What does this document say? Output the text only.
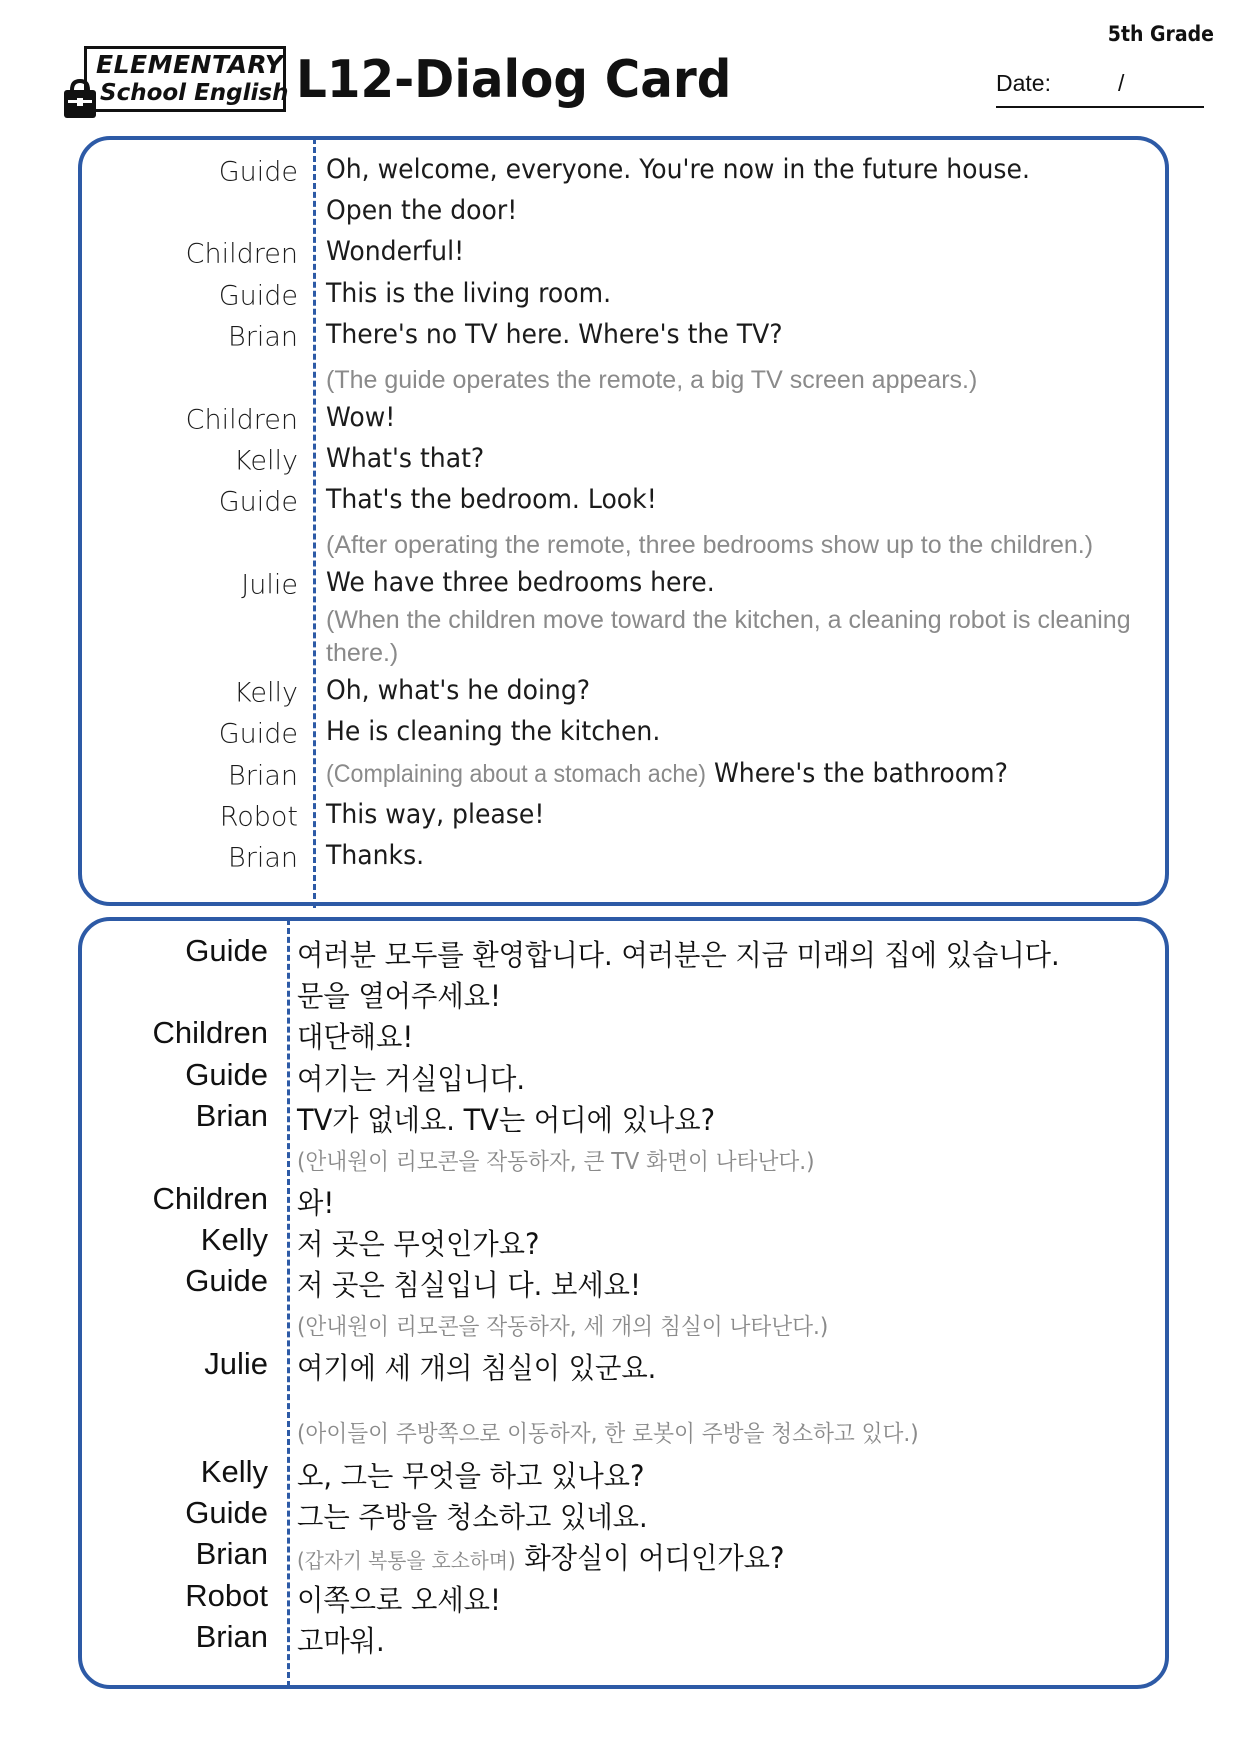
ELEMENTARY
School English L12-Dialog Card
5th Grade
Date:	/
Guide Oh, welcome, everyone. You're now in the future house.
Open the door!
Children Wonderful!
Guide This is the living room.
Brian There's no TV here. Where's the TV?
(The guide operates the remote, a big TV screen appears.)
Children Wow!
Kelly What's that?
Guide That's the bedroom. Look!
(After operating the remote, three bedrooms show up to the children.)
Julie We have three bedrooms here.
(When the children move toward the kitchen, a cleaning robot is cleaning there.)
Kelly Oh, what's he doing?
Guide He is cleaning the kitchen.
Brian (Complaining about a stomach ache) Where's the bathroom?
Robot This way, please!
Brian Thanks.
Guide 여러분 모두를 환영합니다. 여러분은 지금 미래의 집에 있습니다.
문을 열어주세요!
Children 대단해요!
Guide 여기는 거실입니다.
Brian TV가 없네요. TV는 어디에 있나요?
(안내원이 리모콘을 작동하자, 큰 TV 화면이 나타난다.)
Children 와!
Kelly 저 곳은 무엇인가요?
Guide 저 곳은 침실입니 다. 보세요!
(안내원이 리모콘을 작동하자, 세 개의 침실이 나타난다.)
Julie 여기에 세 개의 침실이 있군요.
(아이들이 주방쪽으로 이동하자, 한 로봇이 주방을 청소하고 있다.)
Kelly 오, 그는 무엇을 하고 있나요?
Guide 그는 주방을 청소하고 있네요.
Brian (갑자기 복통을 호소하며) 화장실이 어디인가요?
Robot 이쪽으로 오세요!
Brian 고마워.
